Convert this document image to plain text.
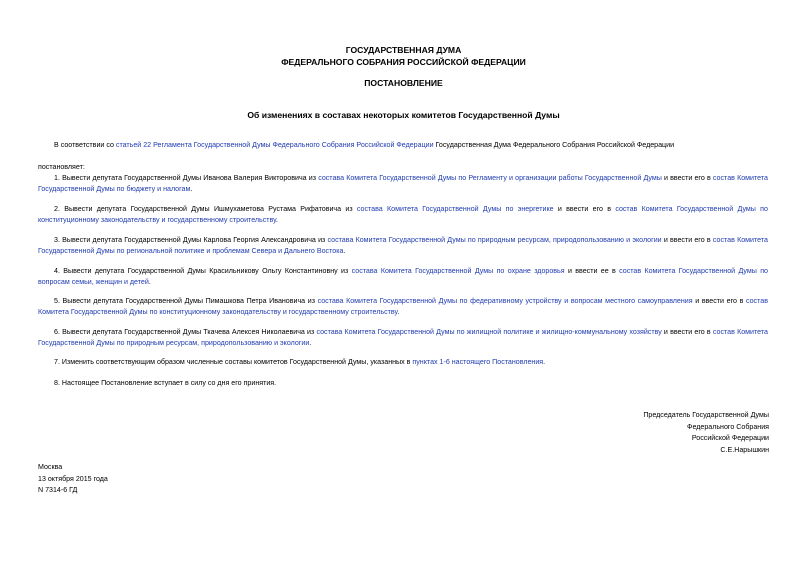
ГОСУДАРСТВЕННАЯ ДУМА
ФЕДЕРАЛЬНОГО СОБРАНИЯ РОССИЙСКОЙ ФЕДЕРАЦИИ
ПОСТАНОВЛЕНИЕ
Об изменениях в составах некоторых комитетов Государственной Думы
В соответствии со статьей 22 Регламента Государственной Думы Федерального Собрания Российской Федерации Государственная Дума Федерального Собрания Российской Федерации
постановляет:
1. Вывести депутата Государственной Думы Иванова Валерия Викторовича из состава Комитета Государственной Думы по Регламенту и организации работы Государственной Думы и ввести его в состав Комитета Государственной Думы по бюджету и налогам.
2. Вывести депутата Государственной Думы Ишмухаметова Рустама Рифатовича из состава Комитета Государственной Думы по энергетике и ввести его в состав Комитета Государственной Думы по конституционному законодательству и государственному строительству.
3. Вывести депутата Государственной Думы Карлова Георгия Александровича из состава Комитета Государственной Думы по природным ресурсам, природопользованию и экологии и ввести его в состав Комитета Государственной Думы по региональной политике и проблемам Севера и Дальнего Востока.
4. Вывести депутата Государственной Думы Красильникову Ольгу Константиновну из состава Комитета Государственной Думы по охране здоровья и ввести ее в состав Комитета Государственной Думы по вопросам семьи, женщин и детей.
5. Вывести депутата Государственной Думы Пимашкова Петра Ивановича из состава Комитета Государственной Думы по федеративному устройству и вопросам местного самоуправления и ввести его в состав Комитета Государственной Думы по конституционному законодательству и государственному строительству.
6. Вывести депутата Государственной Думы Ткачева Алексея Николаевича из состава Комитета Государственной Думы по жилищной политике и жилищно-коммунальному хозяйству и ввести его в состав Комитета Государственной Думы по природным ресурсам, природопользованию и экологии.
7. Изменить соответствующим образом численные составы комитетов Государственной Думы, указанных в пунктах 1-6 настоящего Постановления.
8. Настоящее Постановление вступает в силу со дня его принятия.
Председатель Государственной Думы
Федерального Собрания
Российской Федерации
С.Е.Нарышкин
Москва
13 октября 2015 года
N 7314-6 ГД
